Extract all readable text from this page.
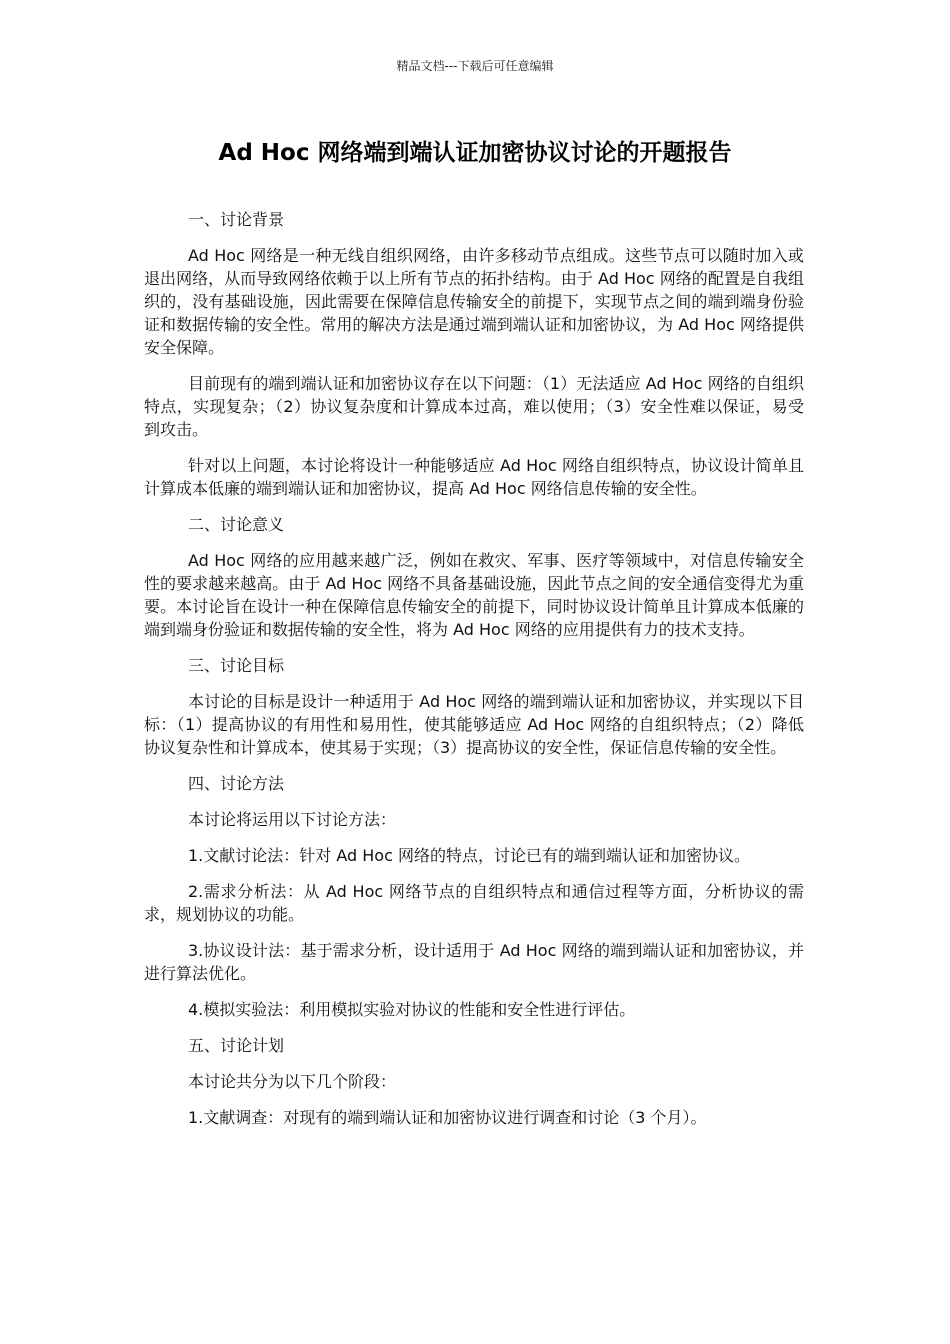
精品文档---下载后可任意编辑
Ad Hoc 网络端到端认证加密协议讨论的开题报告

一、讨论背景

Ad Hoc 网络是一种无线自组织网络，由许多移动节点组成。这些节点可以随时加入或退出网络，从而导致网络依赖于以上所有节点的拓扑结构。由于 Ad Hoc 网络的配置是自我组织的，没有基础设施，因此需要在保障信息传输安全的前提下，实现节点之间的端到端身份验证和数据传输的安全性。常用的解决方法是通过端到端认证和加密协议，为 Ad Hoc 网络提供安全保障。

目前现有的端到端认证和加密协议存在以下问题：（1）无法适应 Ad Hoc 网络的自组织特点，实现复杂；（2）协议复杂度和计算成本过高，难以使用；（3）安全性难以保证，易受到攻击。

针对以上问题，本讨论将设计一种能够适应 Ad Hoc 网络自组织特点，协议设计简单且计算成本低廉的端到端认证和加密协议，提高 Ad Hoc 网络信息传输的安全性。

二、讨论意义

Ad Hoc 网络的应用越来越广泛，例如在救灾、军事、医疗等领域中，对信息传输安全性的要求越来越高。由于 Ad Hoc 网络不具备基础设施，因此节点之间的安全通信变得尤为重要。本讨论旨在设计一种在保障信息传输安全的前提下，同时协议设计简单且计算成本低廉的端到端身份验证和数据传输的安全性，将为 Ad Hoc 网络的应用提供有力的技术支持。

三、讨论目标

本讨论的目标是设计一种适用于 Ad Hoc 网络的端到端认证和加密协议，并实现以下目标：（1）提高协议的有用性和易用性，使其能够适应 Ad Hoc 网络的自组织特点；（2）降低协议复杂性和计算成本，使其易于实现；（3）提高协议的安全性，保证信息传输的安全性。

四、讨论方法

本讨论将运用以下讨论方法：

1.文献讨论法：针对 Ad Hoc 网络的特点，讨论已有的端到端认证和加密协议。

2.需求分析法：从 Ad Hoc 网络节点的自组织特点和通信过程等方面，分析协议的需求，规划协议的功能。

3.协议设计法：基于需求分析，设计适用于 Ad Hoc 网络的端到端认证和加密协议，并进行算法优化。

4.模拟实验法：利用模拟实验对协议的性能和安全性进行评估。

五、讨论计划

本讨论共分为以下几个阶段：

1.文献调查：对现有的端到端认证和加密协议进行调查和讨论（3 个月）。
